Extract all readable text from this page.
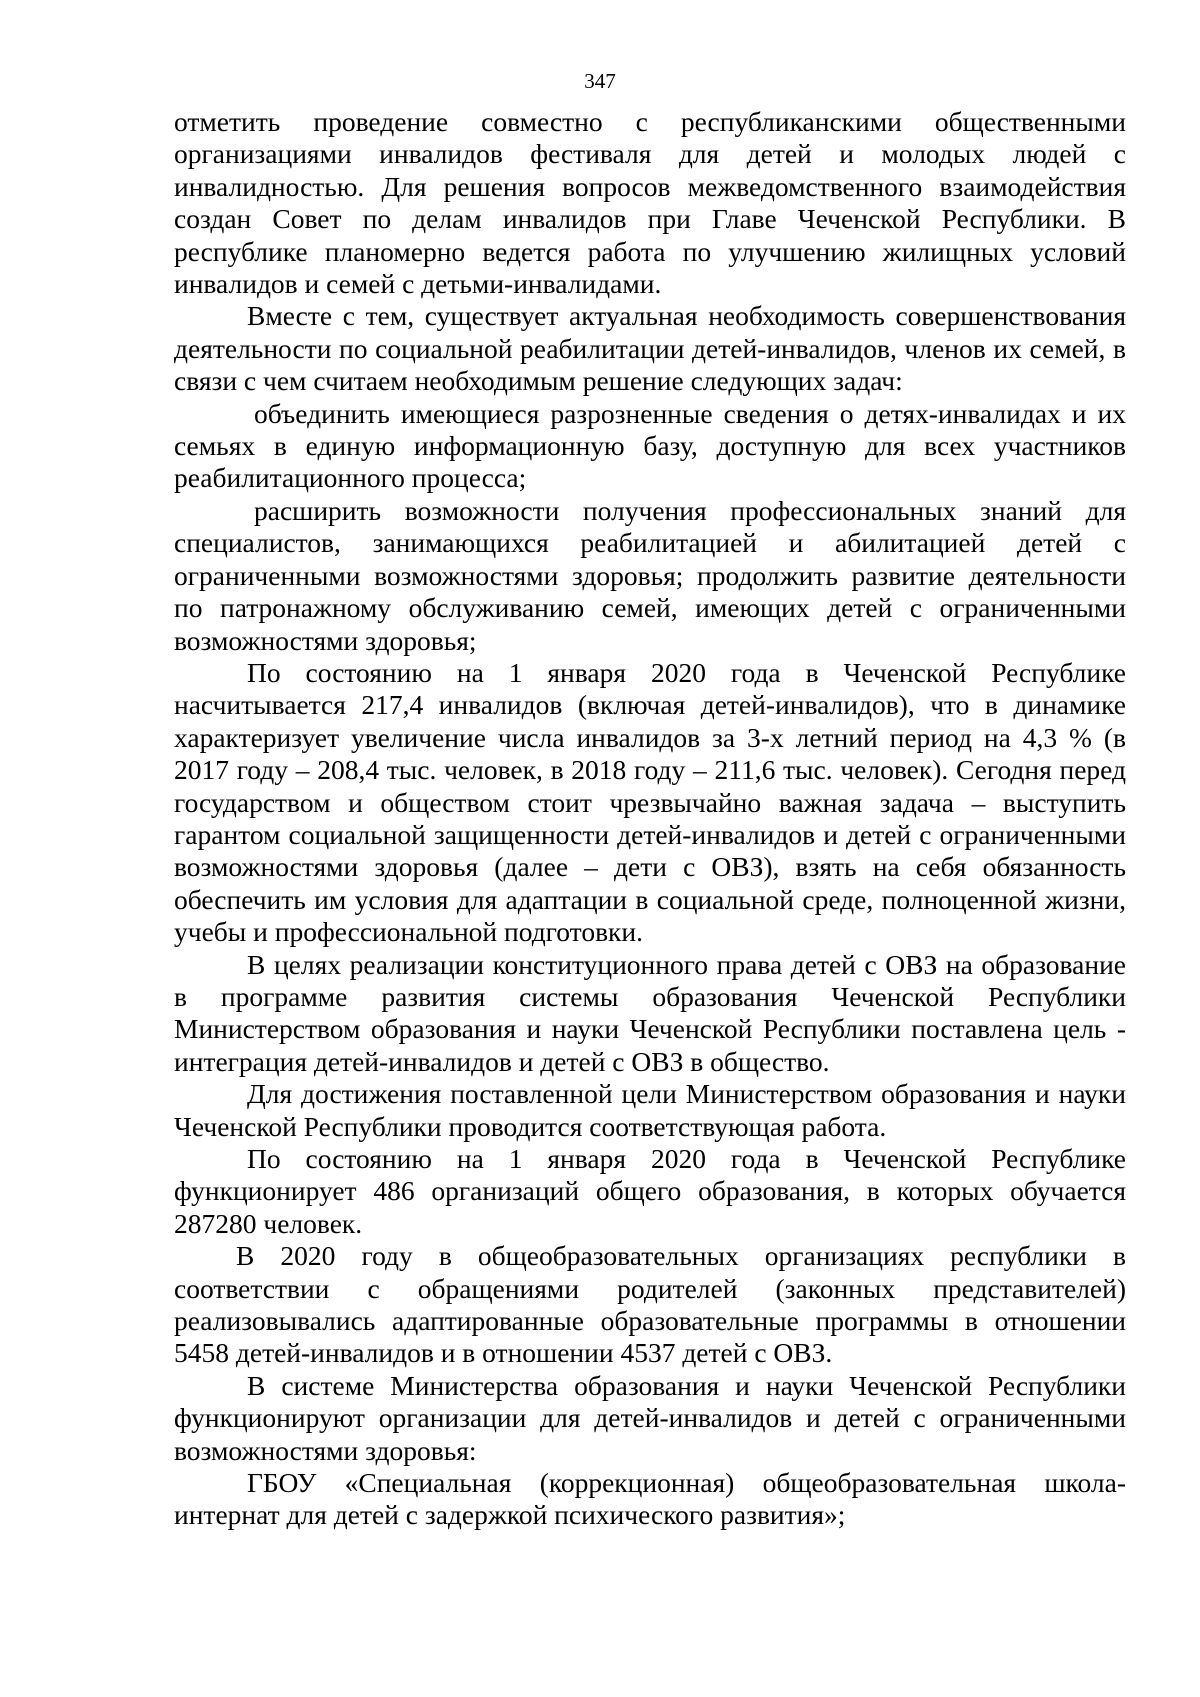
347

отметить проведение совместно с республиканскими общественными организациями инвалидов фестиваля для детей и молодых людей с инвалидностью. Для решения вопросов межведомственного взаимодействия создан Совет по делам инвалидов при Главе Чеченской Республики. В республике планомерно ведется работа по улучшению жилищных условий инвалидов и семей с детьми-инвалидами.

Вместе с тем, существует актуальная необходимость совершенствования деятельности по социальной реабилитации детей-инвалидов, членов их семей, в связи с чем считаем необходимым решение следующих задач:

объединить имеющиеся разрозненные сведения о детях-инвалидах и их семьях в единую информационную базу, доступную для всех участников реабилитационного процесса;

расширить возможности получения профессиональных знаний для специалистов, занимающихся реабилитацией и абилитацией детей с ограниченными возможностями здоровья; продолжить развитие деятельности по патронажному обслуживанию семей, имеющих детей с ограниченными возможностями здоровья;

По состоянию на 1 января 2020 года в Чеченской Республике насчитывается 217,4 инвалидов (включая детей-инвалидов), что в динамике характеризует увеличение числа инвалидов за 3-х летний период на 4,3 % (в 2017 году – 208,4 тыс. человек, в 2018 году – 211,6 тыс. человек). Сегодня перед государством и обществом стоит чрезвычайно важная задача – выступить гарантом социальной защищенности детей-инвалидов и детей с ограниченными возможностями здоровья (далее – дети с ОВЗ), взять на себя обязанность обеспечить им условия для адаптации в социальной среде, полноценной жизни, учебы и профессиональной подготовки.

В целях реализации конституционного права детей с ОВЗ на образование в программе развития системы образования Чеченской Республики Министерством образования и науки Чеченской Республики поставлена цель - интеграция детей-инвалидов и детей с ОВЗ в общество.

Для достижения поставленной цели Министерством образования и науки Чеченской Республики проводится соответствующая работа.

По состоянию на 1 января 2020 года в Чеченской Республике функционирует 486 организаций общего образования, в которых обучается 287280 человек.

В 2020 году в общеобразовательных организациях республики в соответствии с обращениями родителей (законных представителей) реализовывались адаптированные образовательные программы в отношении 5458 детей-инвалидов и в отношении 4537 детей с ОВЗ.

В системе Министерства образования и науки Чеченской Республики функционируют организации для детей-инвалидов и детей с ограниченными возможностями здоровья:

ГБОУ «Специальная (коррекционная) общеобразовательная школа-интернат для детей с задержкой психического развития»;
